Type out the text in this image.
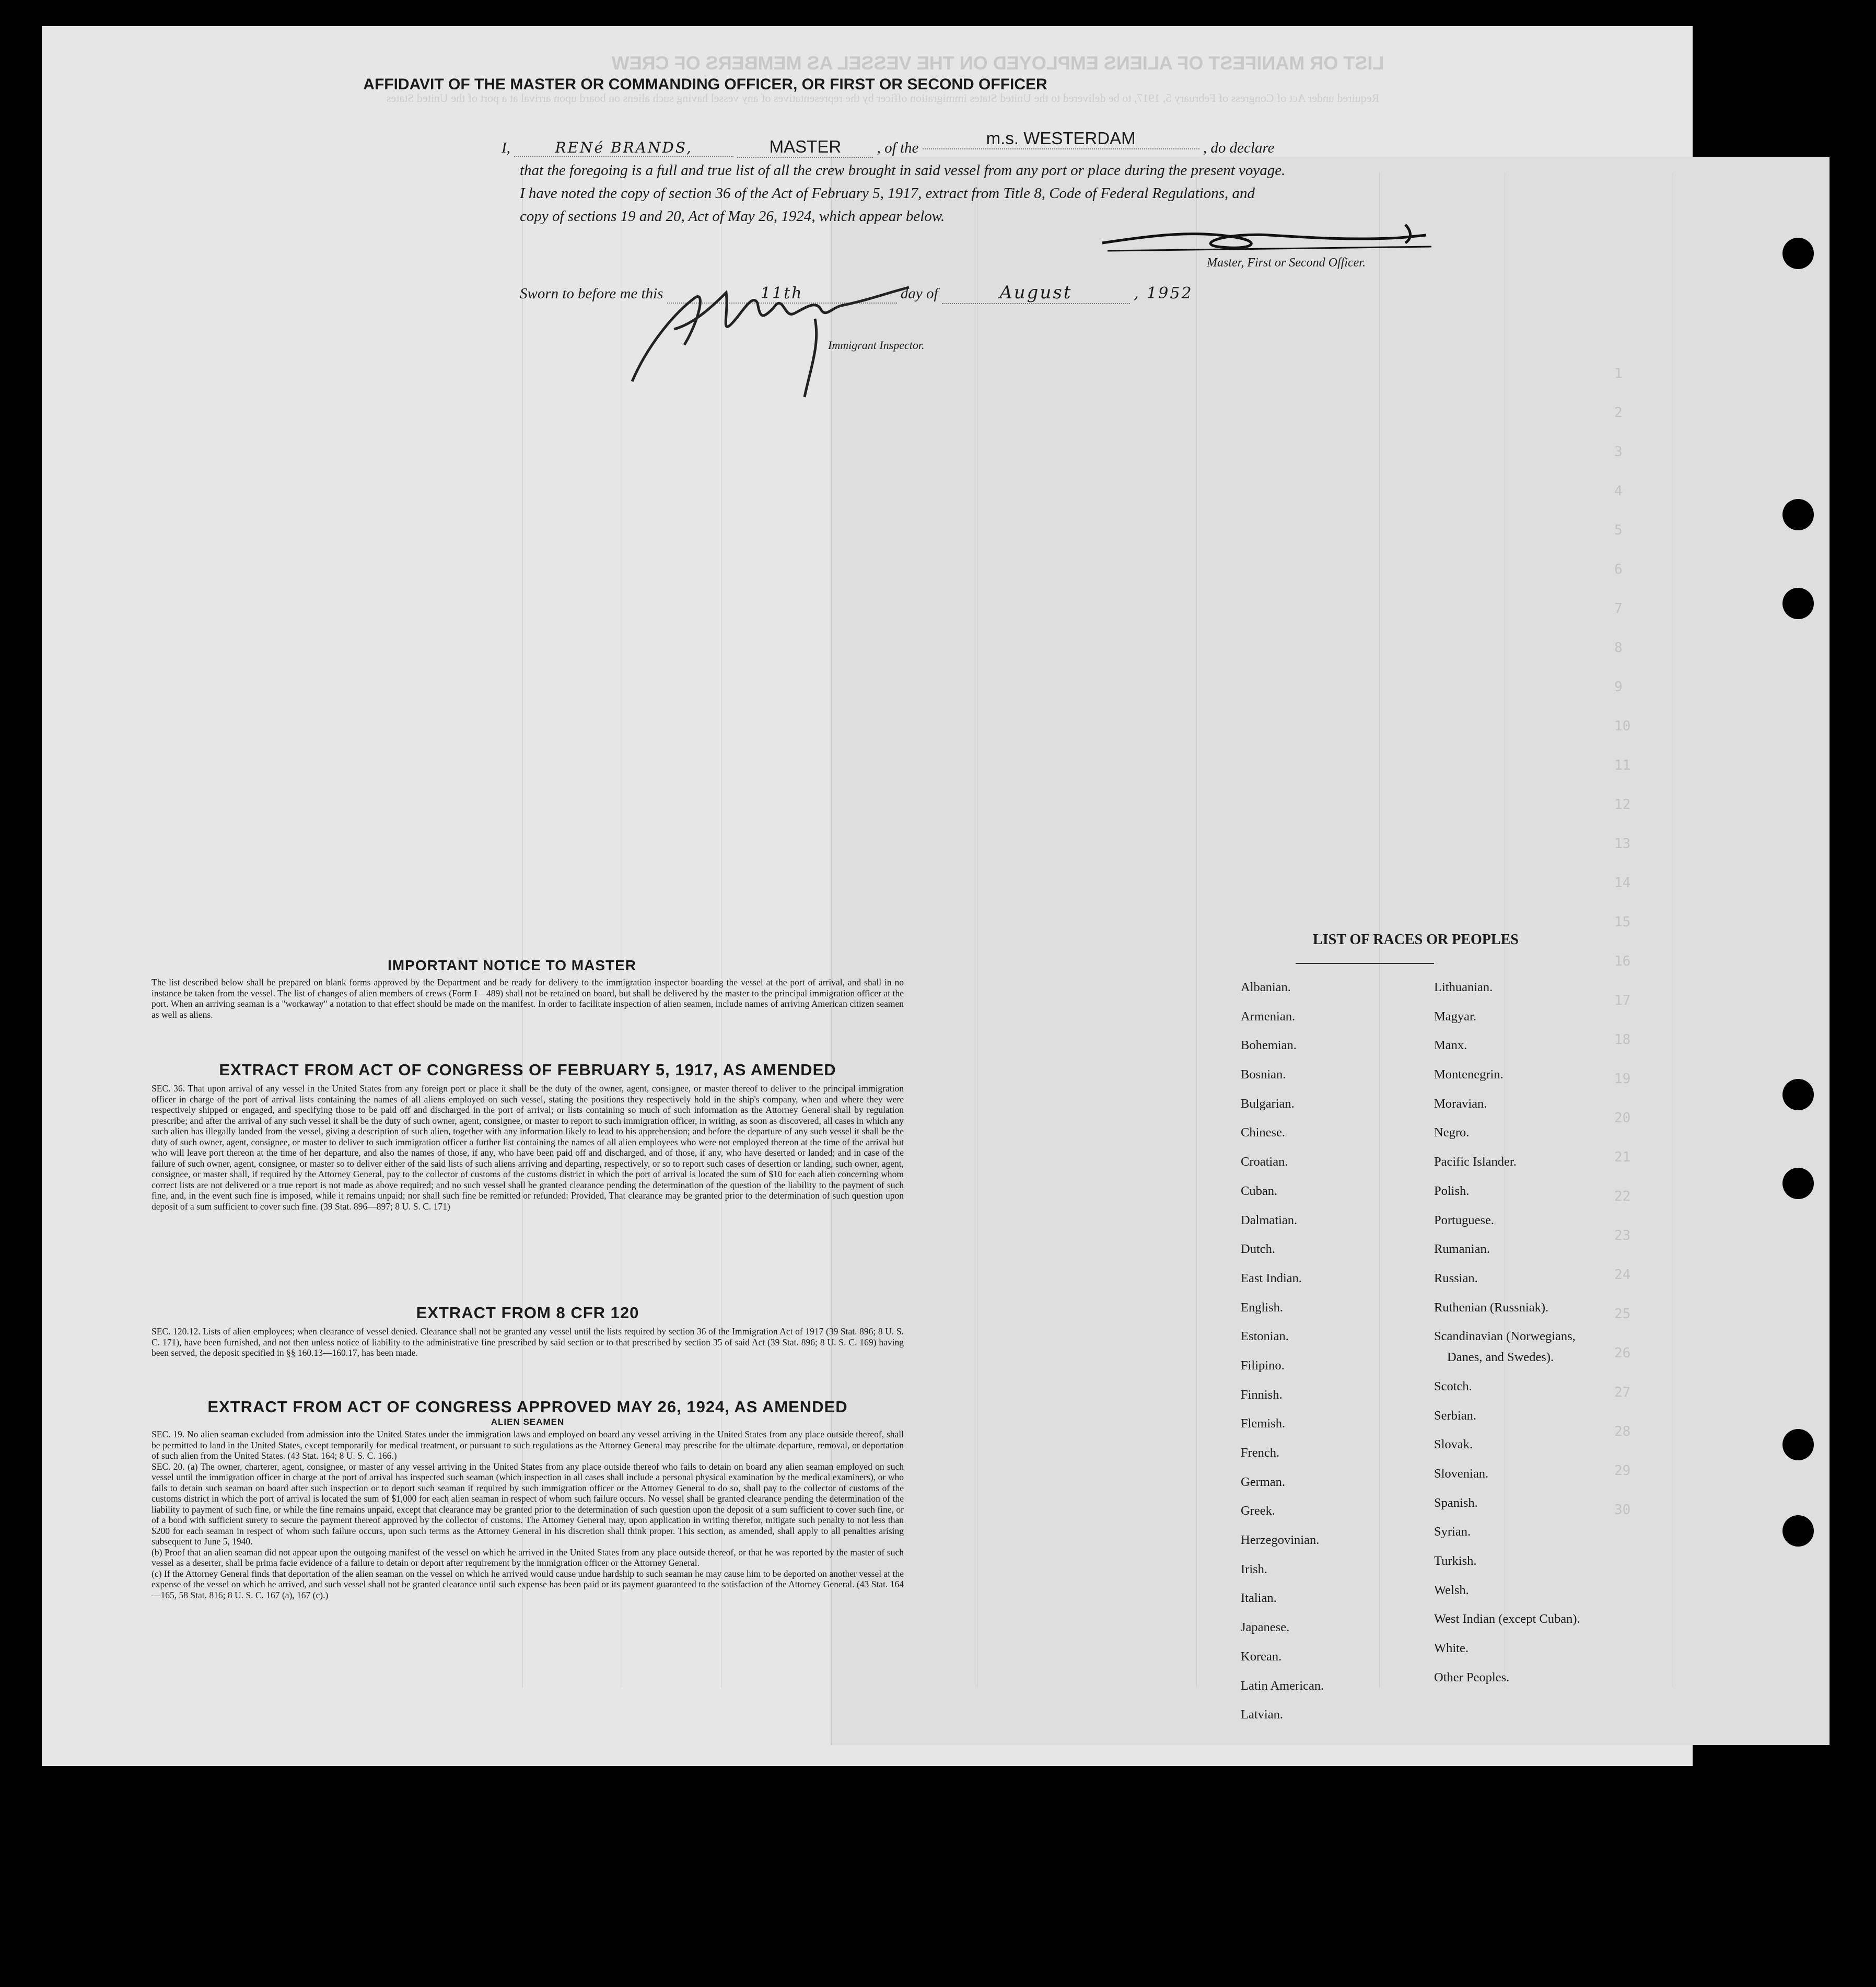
LIST OR MANIFEST OF ALIENS EMPLOYED ON THE VESSEL AS MEMBERS OF CREW
Required under Act of Congress of February 5, 1917, to be delivered to the United States immigration officer by the representatives of any vessel having such aliens on board upon arrival at a port of the United States
1
2
3
4
5
6
7
8
9
10
11
12
13
14
15
16
17
18
19
20
21
22
23
24
25
26
27
28
29
30
AFFIDAVIT OF THE MASTER OR COMMANDING OFFICER, OR FIRST OR SECOND OFFICER
I,	RENé BRANDS,	MASTER , of the	m.s. WESTERDAM	, do declare
that the foregoing is a full and true list of all the crew brought in said vessel from any port or place during the present voyage.
I have noted the copy of section 36 of the Act of February 5, 1917, extract from Title 8, Code of Federal Regulations, and
copy of sections 19 and 20, Act of May 26, 1924, which appear below.
Master, First or Second Officer.
Sworn to before me this	11th	day of	August	, 1952
Immigrant Inspector.
IMPORTANT NOTICE TO MASTER

The list described below shall be prepared on blank forms approved by the Department and be ready for delivery to the immigration inspector boarding the vessel at the port of arrival, and shall in no instance be taken from the vessel. The list of changes of alien members of crews (Form I—489) shall not be retained on board, but shall be delivered by the master to the principal immigration officer at the port. When an arriving seaman is a "workaway" a notation to that effect should be made on the manifest. In order to facilitate inspection of alien seamen, include names of arriving American citizen seamen as well as aliens.

EXTRACT FROM ACT OF CONGRESS OF FEBRUARY 5, 1917, AS AMENDED

SEC. 36. That upon arrival of any vessel in the United States from any foreign port or place it shall be the duty of the owner, agent, consignee, or master thereof to deliver to the principal immigration officer in charge of the port of arrival lists containing the names of all aliens employed on such vessel, stating the positions they respectively hold in the ship's company, when and where they were respectively shipped or engaged, and specifying those to be paid off and discharged in the port of arrival; or lists containing so much of such information as the Attorney General shall by regulation prescribe; and after the arrival of any such vessel it shall be the duty of such owner, agent, consignee, or master to report to such immigration officer, in writing, as soon as discovered, all cases in which any such alien has illegally landed from the vessel, giving a description of such alien, together with any information likely to lead to his apprehension; and before the departure of any such vessel it shall be the duty of such owner, agent, consignee, or master to deliver to such immigration officer a further list containing the names of all alien employees who were not employed thereon at the time of the arrival but who will leave port thereon at the time of her departure, and also the names of those, if any, who have been paid off and discharged, and of those, if any, who have deserted or landed; and in case of the failure of such owner, agent, consignee, or master so to deliver either of the said lists of such aliens arriving and departing, respectively, or so to report such cases of desertion or landing, such owner, agent, consignee, or master shall, if required by the Attorney General, pay to the collector of customs of the customs district in which the port of arrival is located the sum of $10 for each alien concerning whom correct lists are not delivered or a true report is not made as above required; and no such vessel shall be granted clearance pending the determination of the question of the liability to the payment of such fine, and, in the event such fine is imposed, while it remains unpaid; nor shall such fine be remitted or refunded: Provided, That clearance may be granted prior to the determination of such question upon deposit of a sum sufficient to cover such fine. (39 Stat. 896—897; 8 U. S. C. 171)

EXTRACT FROM 8 CFR 120

SEC. 120.12. Lists of alien employees; when clearance of vessel denied. Clearance shall not be granted any vessel until the lists required by section 36 of the Immigration Act of 1917 (39 Stat. 896; 8 U. S. C. 171), have been furnished, and not then unless notice of liability to the administrative fine prescribed by said section or to that prescribed by section 35 of said Act (39 Stat. 896; 8 U. S. C. 169) having been served, the deposit specified in §§ 160.13—160.17, has been made.

EXTRACT FROM ACT OF CONGRESS APPROVED MAY 26, 1924, AS AMENDED
ALIEN SEAMEN

SEC. 19. No alien seaman excluded from admission into the United States under the immigration laws and employed on board any vessel arriving in the United States from any place outside thereof, shall be permitted to land in the United States, except temporarily for medical treatment, or pursuant to such regulations as the Attorney General may prescribe for the ultimate departure, removal, or deportation of such alien from the United States. (43 Stat. 164; 8 U. S. C. 166.)

SEC. 20. (a) The owner, charterer, agent, consignee, or master of any vessel arriving in the United States from any place outside thereof who fails to detain on board any alien seaman employed on such vessel until the immigration officer in charge at the port of arrival has inspected such seaman (which inspection in all cases shall include a personal physical examination by the medical examiners), or who fails to detain such seaman on board after such inspection or to deport such seaman if required by such immigration officer or the Attorney General to do so, shall pay to the collector of customs of the customs district in which the port of arrival is located the sum of $1,000 for each alien seaman in respect of whom such failure occurs. No vessel shall be granted clearance pending the determination of the liability to payment of such fine, or while the fine remains unpaid, except that clearance may be granted prior to the determination of such question upon the deposit of a sum sufficient to cover such fine, or of a bond with sufficient surety to secure the payment thereof approved by the collector of customs. The Attorney General may, upon application in writing therefor, mitigate such penalty to not less than $200 for each seaman in respect of whom such failure occurs, upon such terms as the Attorney General in his discretion shall think proper. This section, as amended, shall apply to all penalties arising subsequent to June 5, 1940.

(b) Proof that an alien seaman did not appear upon the outgoing manifest of the vessel on which he arrived in the United States from any place outside thereof, or that he was reported by the master of such vessel as a deserter, shall be prima facie evidence of a failure to detain or deport after requirement by the immigration officer or the Attorney General.

(c) If the Attorney General finds that deportation of the alien seaman on the vessel on which he arrived would cause undue hardship to such seaman he may cause him to be deported on another vessel at the expense of the vessel on which he arrived, and such vessel shall not be granted clearance until such expense has been paid or its payment guaranteed to the satisfaction of the Attorney General. (43 Stat. 164—165, 58 Stat. 816; 8 U. S. C. 167 (a), 167 (c).)

LIST OF RACES OR PEOPLES
Albanian.
Armenian.
Bohemian.
Bosnian.
Bulgarian.
Chinese.
Croatian.
Cuban.
Dalmatian.
Dutch.
East Indian.
English.
Estonian.
Filipino.
Finnish.
Flemish.
French.
German.
Greek.
Herzegovinian.
Irish.
Italian.
Japanese.
Korean.
Latin American.
Latvian.
Lithuanian.
Magyar.
Manx.
Montenegrin.
Moravian.
Negro.
Pacific Islander.
Polish.
Portuguese.
Rumanian.
Russian.
Ruthenian (Russniak).
Scandinavian (Norwegians,
Danes, and Swedes).
Scotch.
Serbian.
Slovak.
Slovenian.
Spanish.
Syrian.
Turkish.
Welsh.
West Indian (except Cuban).
White.
Other Peoples.
